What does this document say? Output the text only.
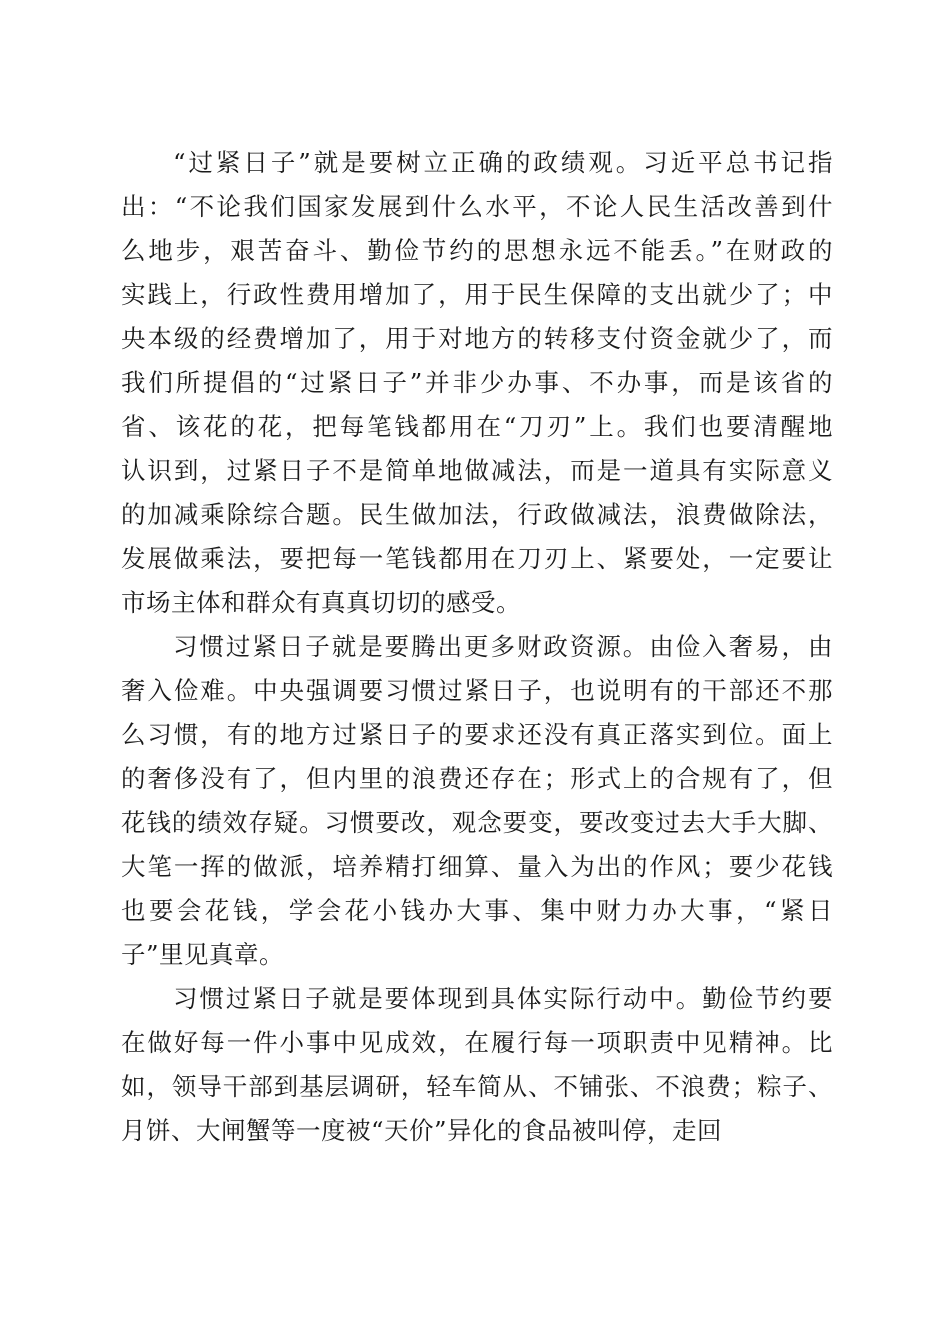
“过紧日子”就是要树立正确的政绩观。习近平总书记指
出：“不论我们国家发展到什么水平，不论人民生活改善到什
么地步，艰苦奋斗、勤俭节约的思想永远不能丢。”在财政的
实践上，行政性费用增加了，用于民生保障的支出就少了；中
央本级的经费增加了，用于对地方的转移支付资金就少了，而
我们所提倡的“过紧日子”并非少办事、不办事，而是该省的
省、该花的花，把每笔钱都用在“刀刃”上。我们也要清醒地
认识到，过紧日子不是简单地做减法，而是一道具有实际意义
的加减乘除综合题。民生做加法，行政做减法，浪费做除法，
发展做乘法，要把每一笔钱都用在刀刃上、紧要处，一定要让
市场主体和群众有真真切切的感受。
习惯过紧日子就是要腾出更多财政资源。由俭入奢易，由
奢入俭难。中央强调要习惯过紧日子，也说明有的干部还不那
么习惯，有的地方过紧日子的要求还没有真正落实到位。面上
的奢侈没有了，但内里的浪费还存在；形式上的合规有了，但
花钱的绩效存疑。习惯要改，观念要变，要改变过去大手大脚、
大笔一挥的做派，培养精打细算、量入为出的作风；要少花钱
也要会花钱，学会花小钱办大事、集中财力办大事，“紧日
子”里见真章。
习惯过紧日子就是要体现到具体实际行动中。勤俭节约要
在做好每一件小事中见成效，在履行每一项职责中见精神。比
如，领导干部到基层调研，轻车简从、不铺张、不浪费；粽子、
月饼、大闸蟹等一度被“天价”异化的食品被叫停，走回
